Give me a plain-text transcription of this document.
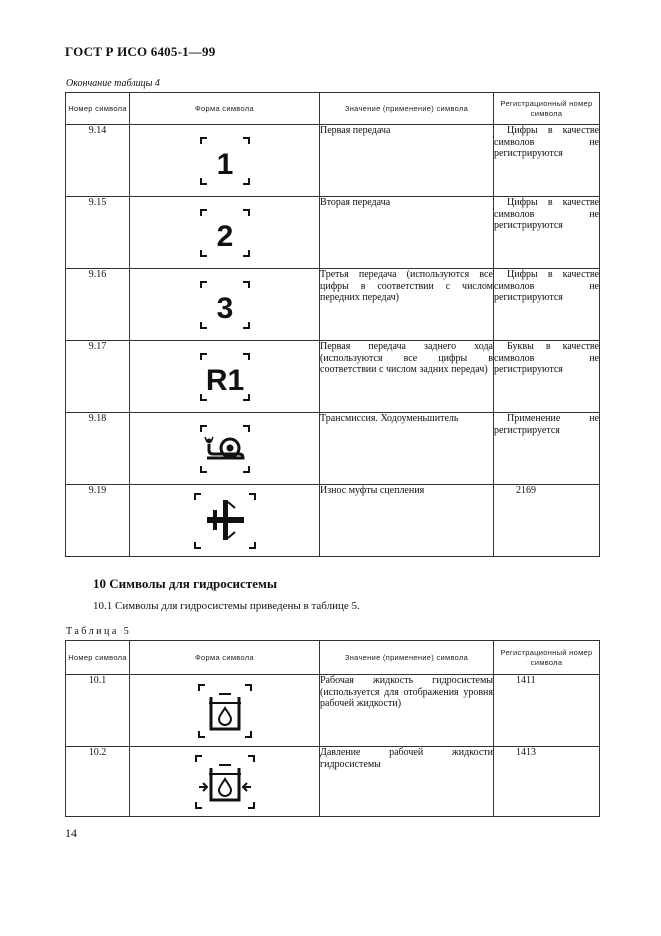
ГОСТ Р ИСО 6405-1—99
Окончание таблицы 4
Номер символа	Форма символа	Значение (применение) символа	Регистрационный номер символа
9.14	1	Первая передача	Цифры в качестве символов не регистрируются
9.15	2	Вторая передача	Цифры в качестве символов не регистрируются
9.16	3	Третья передача (используются все цифры в соответствии с числом передних передач)	Цифры в качестве символов не регистрируются
9.17	R1	Первая передача заднего хода (используются все цифры в соответствии с числом задних передач)	Буквы в качестве символов не регистрируются
9.18		Трансмиссия. Ходоуменьшитель	Применение не регистрируется
9.19		Износ муфты сцепления	2169
10 Символы для гидросистемы
10.1 Символы для гидросистемы приведены в таблице 5.
Таблица 5
Номер символа	Форма символа	Значение (применение) символа	Регистрационный номер символа
10.1		Рабочая жидкость гидросистемы (используется для отображения уровня рабочей жидкости)	1411
10.2		Давление рабочей жидкости гидросистемы	1413
14
